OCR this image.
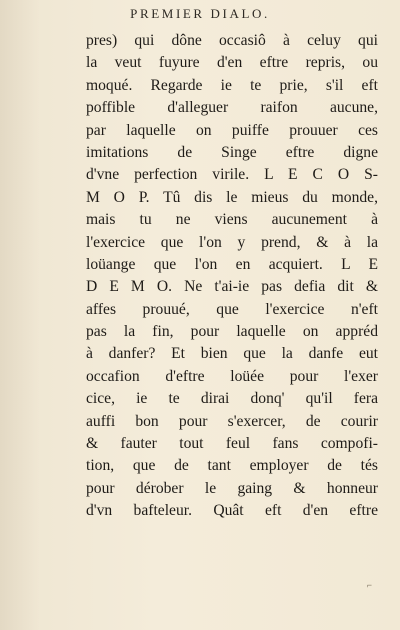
PREMIER DIALO.
pres) qui dône occasiô à celuy qui
la veut fuyure d'en eftre repris, ou
moqué. Regarde ie te prie, s'il eft
poffible d'alleguer raifon aucune,
par laquelle on puiffe prouuer ces
imitations de Singe eftre digne
d'vne perfection virile. L E C O S-
M O P. Tû dis le mieus du monde,
mais tu ne viens aucunement à
l'exercice que l'on y prend, & à la
loüange que l'on en acquiert. L E
D E M O. Ne t'ai-ie pas defia dit &
affes prouué, que l'exercice n'eft
pas la fin, pour laquelle on appréd
à danfer? Et bien que la danfe eut
occafion d'eftre loüée pour l'exer
cice, ie te dirai donq' qu'il fera
auffi bon pour s'exercer, de courir
& fauter tout feul fans compofi-
tion, que de tant employer de tés
pour dérober le gaing & honneur
d'vn bafteleur. Quât eft d'en eftre
⌐
